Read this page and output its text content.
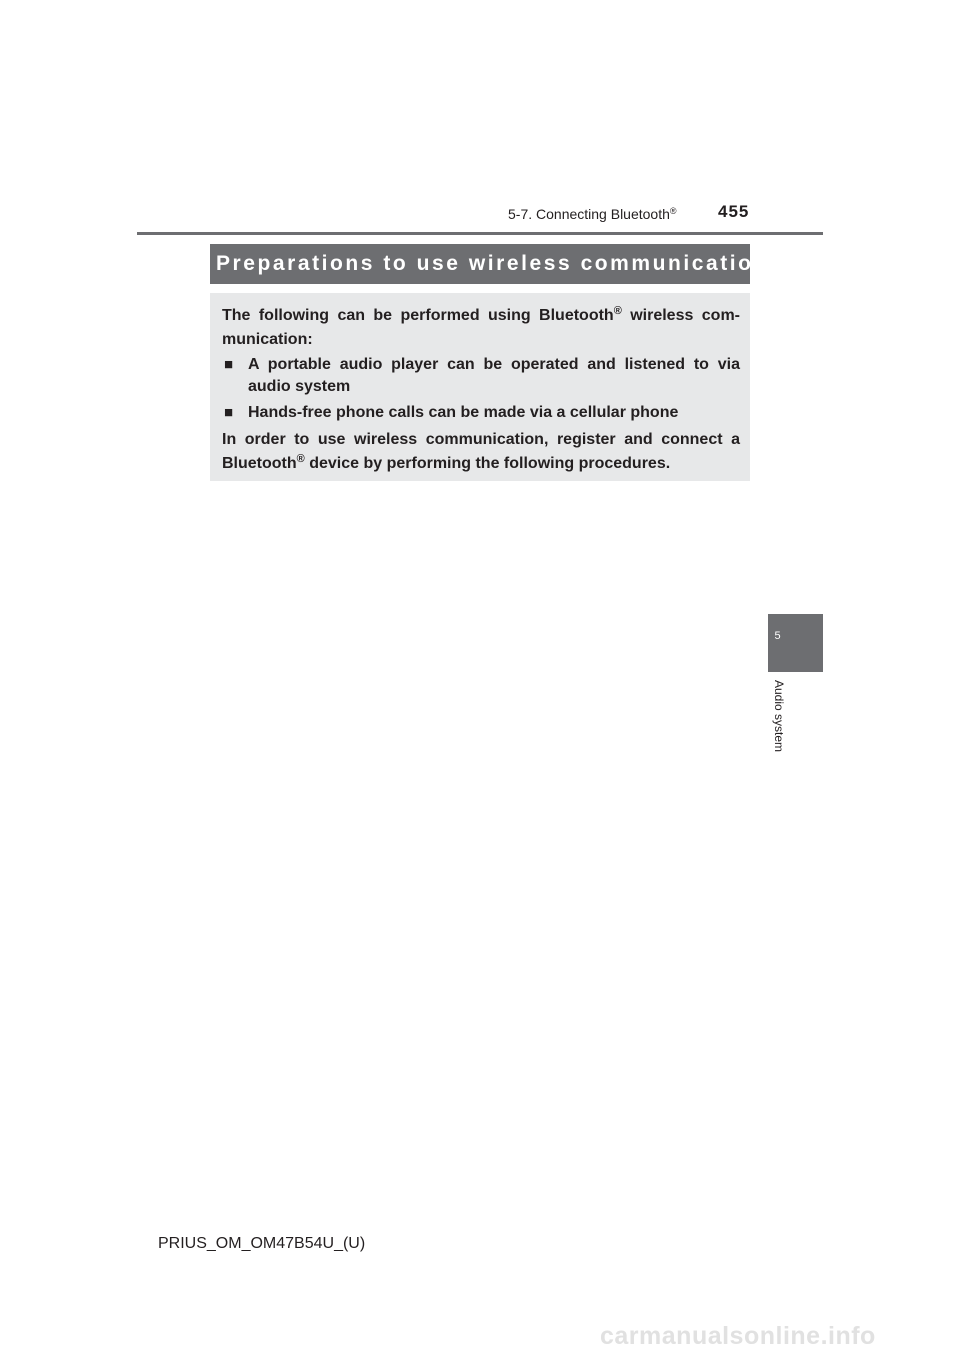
5-7. Connecting Bluetooth®	455
Preparations to use wireless communication
The following can be performed using Bluetooth® wireless com-munication:
■ A portable audio player can be operated and listened to via audio system
■ Hands-free phone calls can be made via a cellular phone
In order to use wireless communication, register and connect a Bluetooth® device by performing the following procedures.
5
Audio system
PRIUS_OM_OM47B54U_(U)
carmanualsonline.info
